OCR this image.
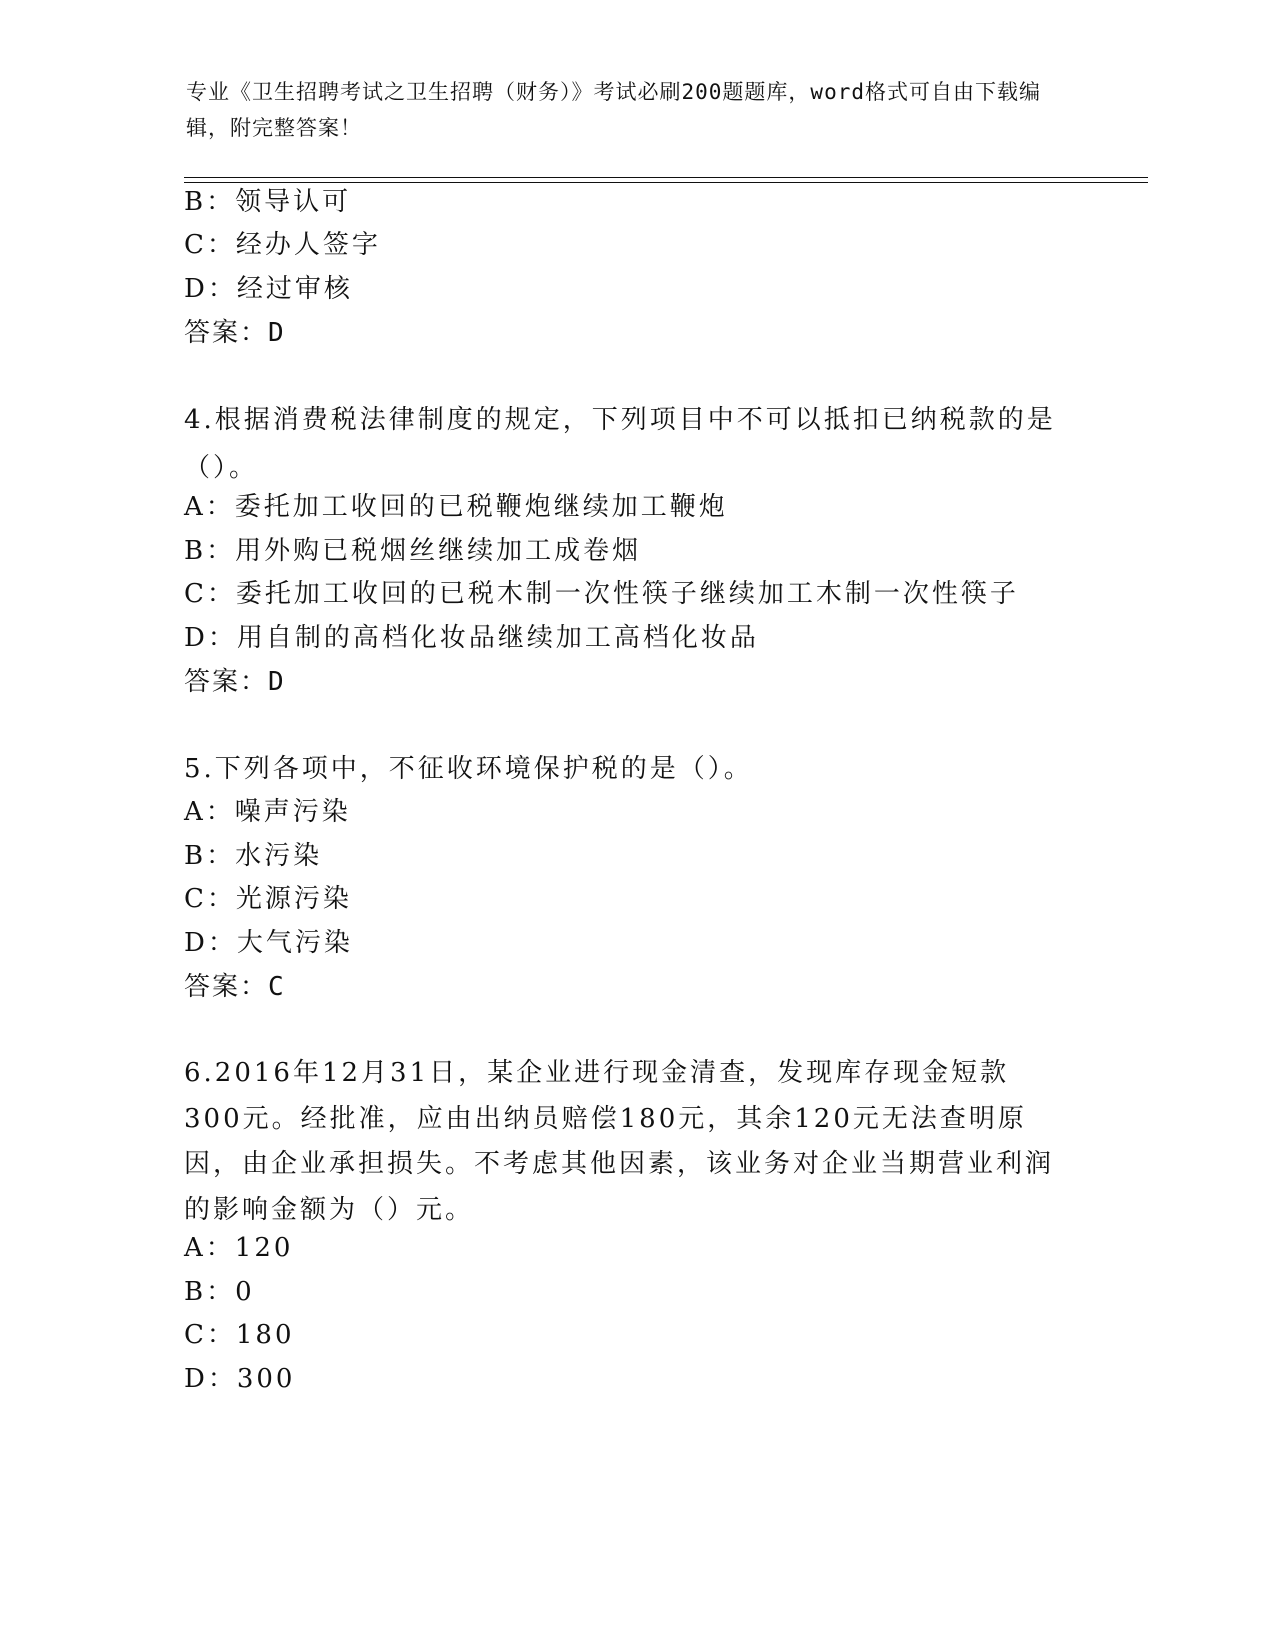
专业《卫生招聘考试之卫生招聘（财务）》考试必刷200题题库，word格式可自由下载编辑，附完整答案！
B：领导认可
C：经办人签字
D：经过审核
答案：D
4.根据消费税法律制度的规定，下列项目中不可以抵扣已纳税款的是（）。
A：委托加工收回的已税鞭炮继续加工鞭炮
B：用外购已税烟丝继续加工成卷烟
C：委托加工收回的已税木制一次性筷子继续加工木制一次性筷子
D：用自制的高档化妆品继续加工高档化妆品
答案：D
5.下列各项中，不征收环境保护税的是（）。
A：噪声污染
B：水污染
C：光源污染
D：大气污染
答案：C
6.2016年12月31日，某企业进行现金清查，发现库存现金短款300元。经批准，应由出纳员赔偿180元，其余120元无法查明原因，由企业承担损失。不考虑其他因素，该业务对企业当期营业利润的影响金额为（）元。
A：120
B：0
C：180
D：300
